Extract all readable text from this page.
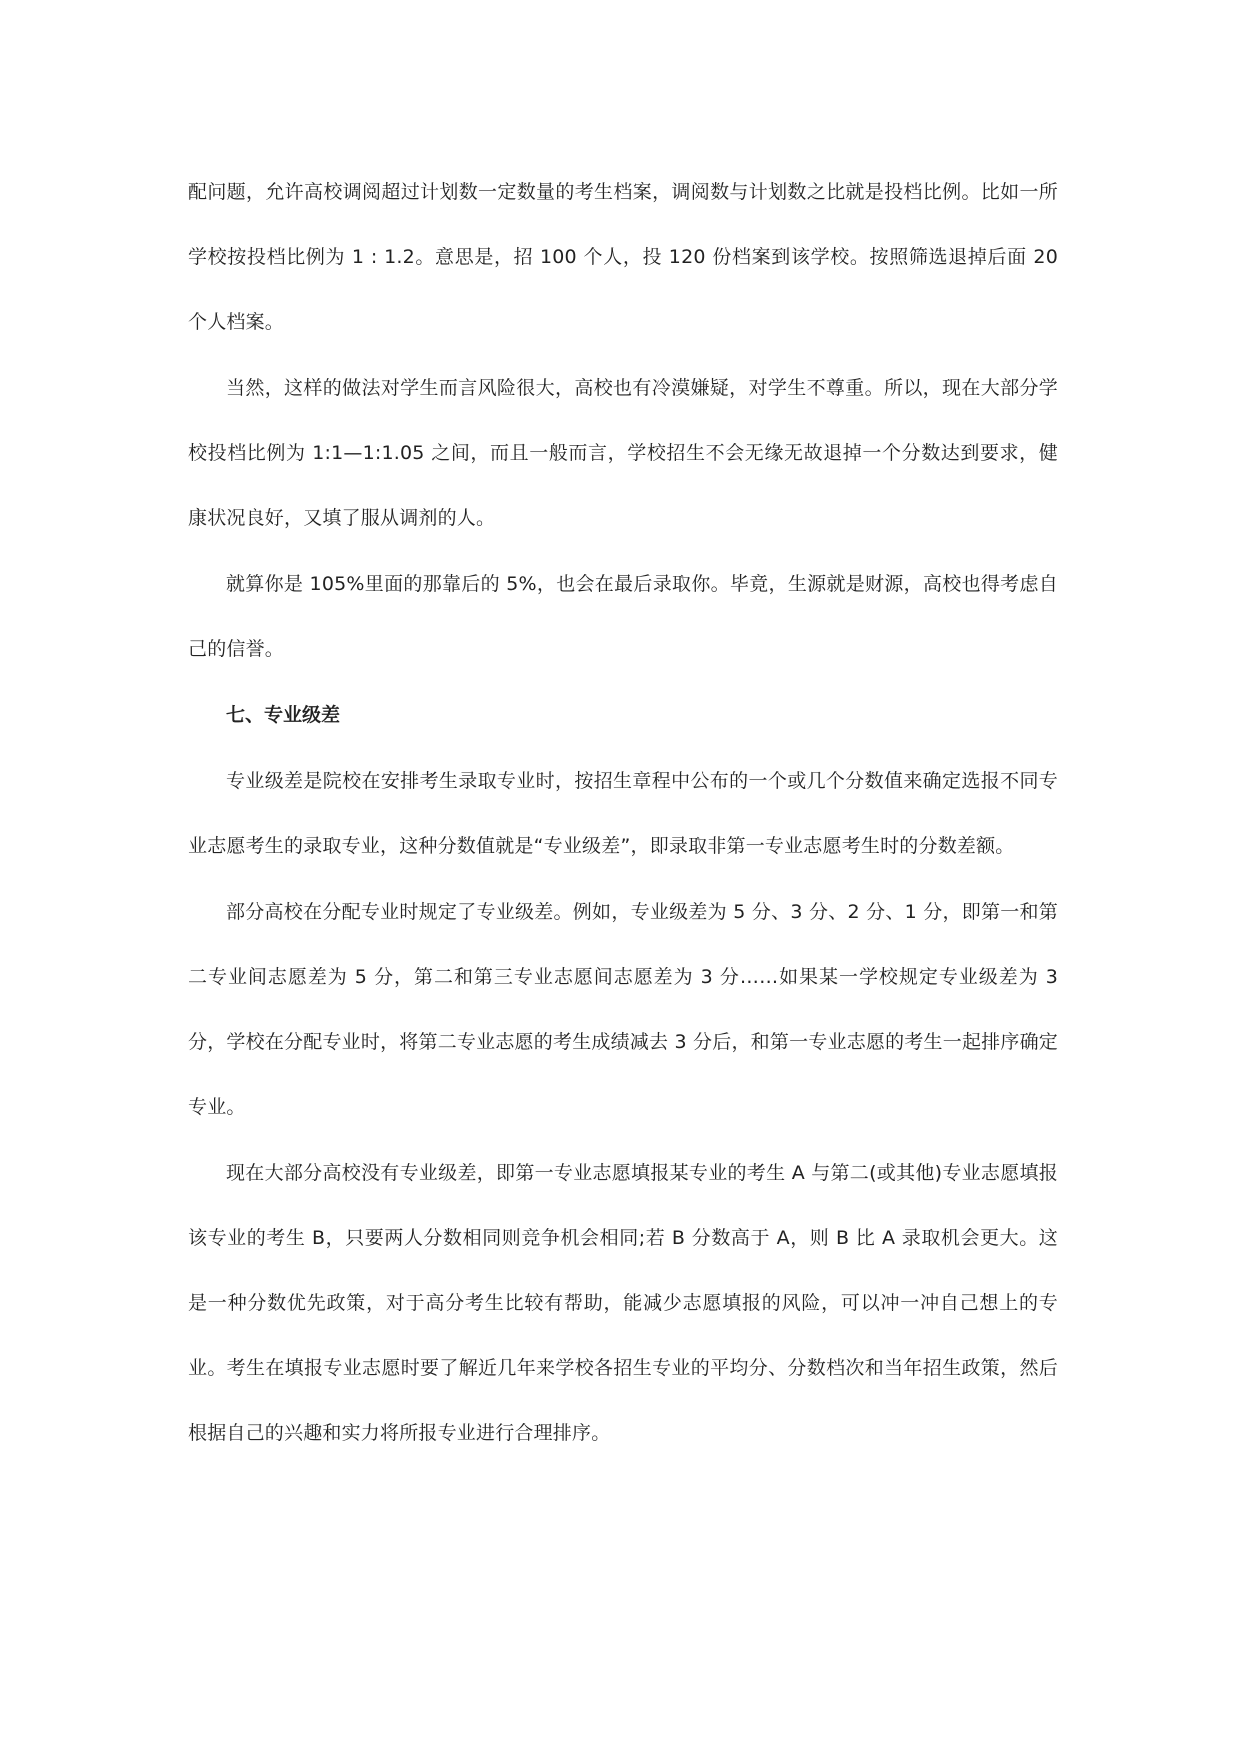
配问题，允许高校调阅超过计划数一定数量的考生档案，调阅数与计划数之比就是投档比例。比如一所学校按投档比例为 1 : 1.2。意思是，招 100 个人，投 120 份档案到该学校。按照筛选退掉后面 20 个人档案。

当然，这样的做法对学生而言风险很大，高校也有冷漠嫌疑，对学生不尊重。所以，现在大部分学校投档比例为 1:1—1:1.05 之间，而且一般而言，学校招生不会无缘无故退掉一个分数达到要求，健康状况良好，又填了服从调剂的人。

就算你是 105%里面的那靠后的 5%，也会在最后录取你。毕竟，生源就是财源，高校也得考虑自己的信誉。

七、专业级差

专业级差是院校在安排考生录取专业时，按招生章程中公布的一个或几个分数值来确定选报不同专业志愿考生的录取专业，这种分数值就是“专业级差”，即录取非第一专业志愿考生时的分数差额。

部分高校在分配专业时规定了专业级差。例如，专业级差为 5 分、3 分、2 分、1 分，即第一和第二专业间志愿差为 5 分，第二和第三专业志愿间志愿差为 3 分……如果某一学校规定专业级差为 3 分，学校在分配专业时，将第二专业志愿的考生成绩减去 3 分后，和第一专业志愿的考生一起排序确定专业。

现在大部分高校没有专业级差，即第一专业志愿填报某专业的考生 A 与第二(或其他)专业志愿填报该专业的考生 B，只要两人分数相同则竞争机会相同;若 B 分数高于 A，则 B 比 A 录取机会更大。这是一种分数优先政策，对于高分考生比较有帮助，能减少志愿填报的风险，可以冲一冲自己想上的专业。考生在填报专业志愿时要了解近几年来学校各招生专业的平均分、分数档次和当年招生政策，然后根据自己的兴趣和实力将所报专业进行合理排序。
